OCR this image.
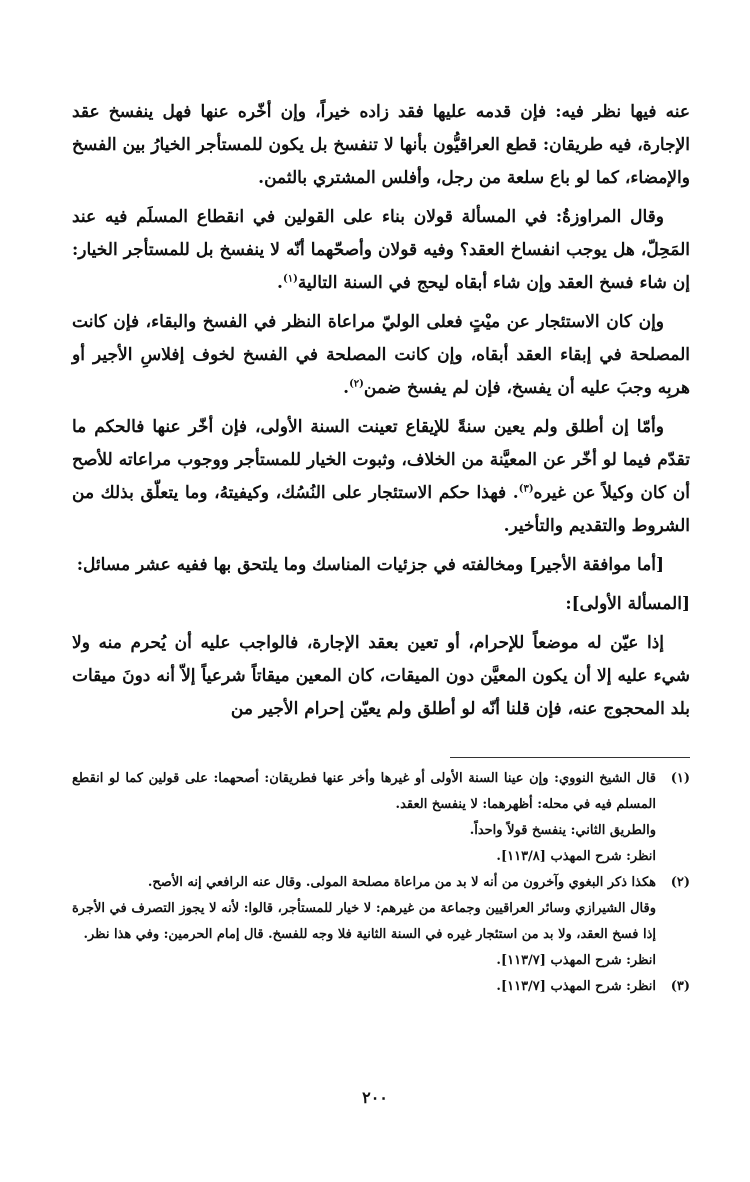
عنه فيها نظر فيه: فإن قدمه عليها فقد زاده خيراً، وإن أخّره عنها فهل ينفسخ عقد الإجارة، فيه طريقان: قطع العراقيُّون بأنها لا تنفسخ بل يكون للمستأجر الخيارُ بين الفسخ والإمضاء، كما لو باع سلعة من رجل، وأفلس المشتري بالثمن.

وقال المراوزةُ: في المسألة قولان بناء على القولين في انقطاع المسلَم فيه عند المَحِلّ، هل يوجب انفساخ العقد؟ وفيه قولان وأصحّهما أنّه لا ينفسخ بل للمستأجر الخيار: إن شاء فسخ العقد وإن شاء أبقاه ليحج في السنة التالية$^{(١)}$.

وإن كان الاستئجار عن ميْتٍ فعلى الوليّ مراعاة النظر في الفسخ والبقاء، فإن كانت المصلحة في إبقاء العقد أبقاه، وإن كانت المصلحة في الفسخ لخوف إفلاسِ الأجير أو هربِه وجبَ عليه أن يفسخ، فإن لم يفسخ ضمن$^{(٢)}$.

وأمّا إن أطلق ولم يعين سنةً للإيقاع تعينت السنة الأولى، فإن أخّر عنها فالحكم ما تقدّم فيما لو أخّر عن المعيَّنة من الخلاف، وثبوت الخيار للمستأجر ووجوب مراعاته للأصح أن كان وكيلاً عن غيره$^{(٣)}$. فهذا حكم الاستئجار على النُسُك، وكيفيتهُ، وما يتعلّق بذلك من الشروط والتقديم والتأخير.

[أما موافقة الأجير] ومخالفته في جزئيات المناسك وما يلتحق بها ففيه عشر مسائل:

[المسألة الأولى]:

إذا عيّن له موضعاً للإحرام، أو تعين بعقد الإجارة، فالواجب عليه أن يُحرم منه ولا شيء عليه إلا أن يكون المعيَّن دون الميقات، كان المعين ميقاتاً شرعياً إلاّ أنه دونَ ميقات بلد المحجوج عنه، فإن قلنا أنّه لو أطلق ولم يعيّن إحرام الأجير من

(١)
قال الشيخ النووي: وإن عينا السنة الأولى أو غيرها وأخر عنها فطريقان: أصحهما: على قولين كما لو انقطع المسلم فيه في محله: أظهرهما: لا ينفسخ العقد.
والطريق الثاني: ينفسخ قولاً واحداً.
انظر: شرح المهذب [١١٣/٨].
(٢)
هكذا ذكر البغوي وآخرون من أنه لا بد من مراعاة مصلحة المولى. وقال عنه الرافعي إنه الأصح.
وقال الشيرازي وسائر العراقيين وجماعة من غيرهم: لا خيار للمستأجر، قالوا: لأنه لا يجوز التصرف في الأجرة إذا فسخ العقد، ولا بد من استئجار غيره في السنة الثانية فلا وجه للفسخ. قال إمام الحرمين: وفي هذا نظر.
انظر: شرح المهذب [١١٣/٧].
(٣)
انظر: شرح المهذب [١١٣/٧].
٢٠٠
